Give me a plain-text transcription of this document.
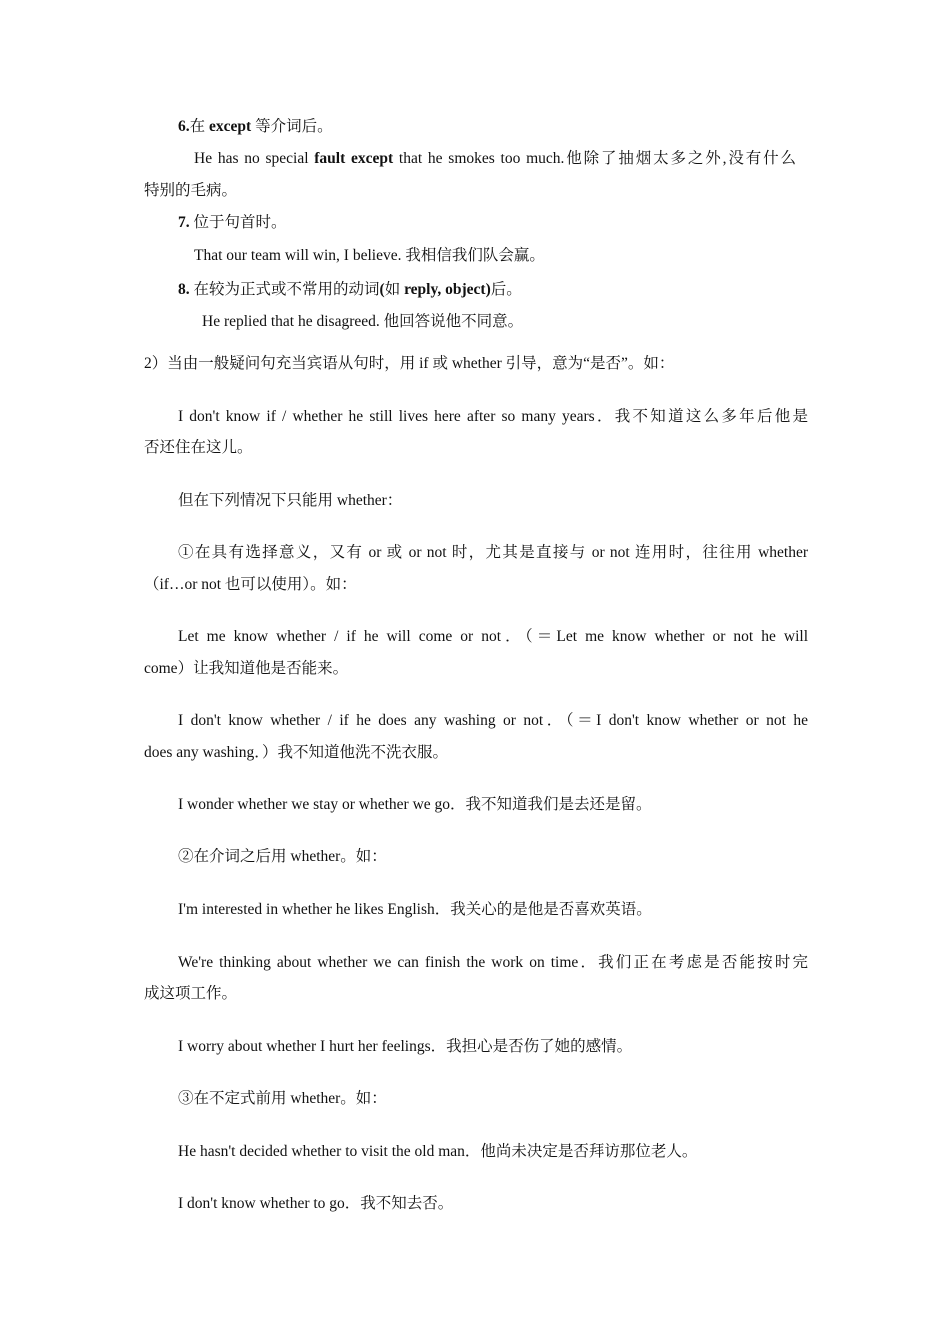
6.在 except 等介词后。
He has no special fault except that he smokes too much.他除了抽烟太多之外,没有什么
特别的毛病。
7. 位于句首时。
That our team will win, I believe. 我相信我们队会赢。
8. 在较为正式或不常用的动词(如 reply, object)后。
He replied that he disagreed. 他回答说他不同意。
2）当由一般疑问句充当宾语从句时，用 if 或 whether 引导，意为“是否”。如：
I don't know if / whether he still lives here after so many years．我不知道这么多年后他是
否还住在这儿。
但在下列情况下只能用 whether：
①在具有选择意义，又有 or 或 or not 时，尤其是直接与 or not 连用时，往往用 whether
（if…or not 也可以使用）。如：
Let me know whether / if he will come or not．（＝Let me know whether or not he will
come）让我知道他是否能来。
I don't know whether / if he does any washing or not．（＝I don't know whether or not he
does any washing．）我不知道他洗不洗衣服。
I wonder whether we stay or whether we go．我不知道我们是去还是留。
②在介词之后用 whether。如：
I'm interested in whether he likes English．我关心的是他是否喜欢英语。
We're thinking about whether we can finish the work on time．我们正在考虑是否能按时完
成这项工作。
I worry about whether I hurt her feelings．我担心是否伤了她的感情。
③在不定式前用 whether。如：
He hasn't decided whether to visit the old man．他尚未决定是否拜访那位老人。
I don't know whether to go．我不知去否。
